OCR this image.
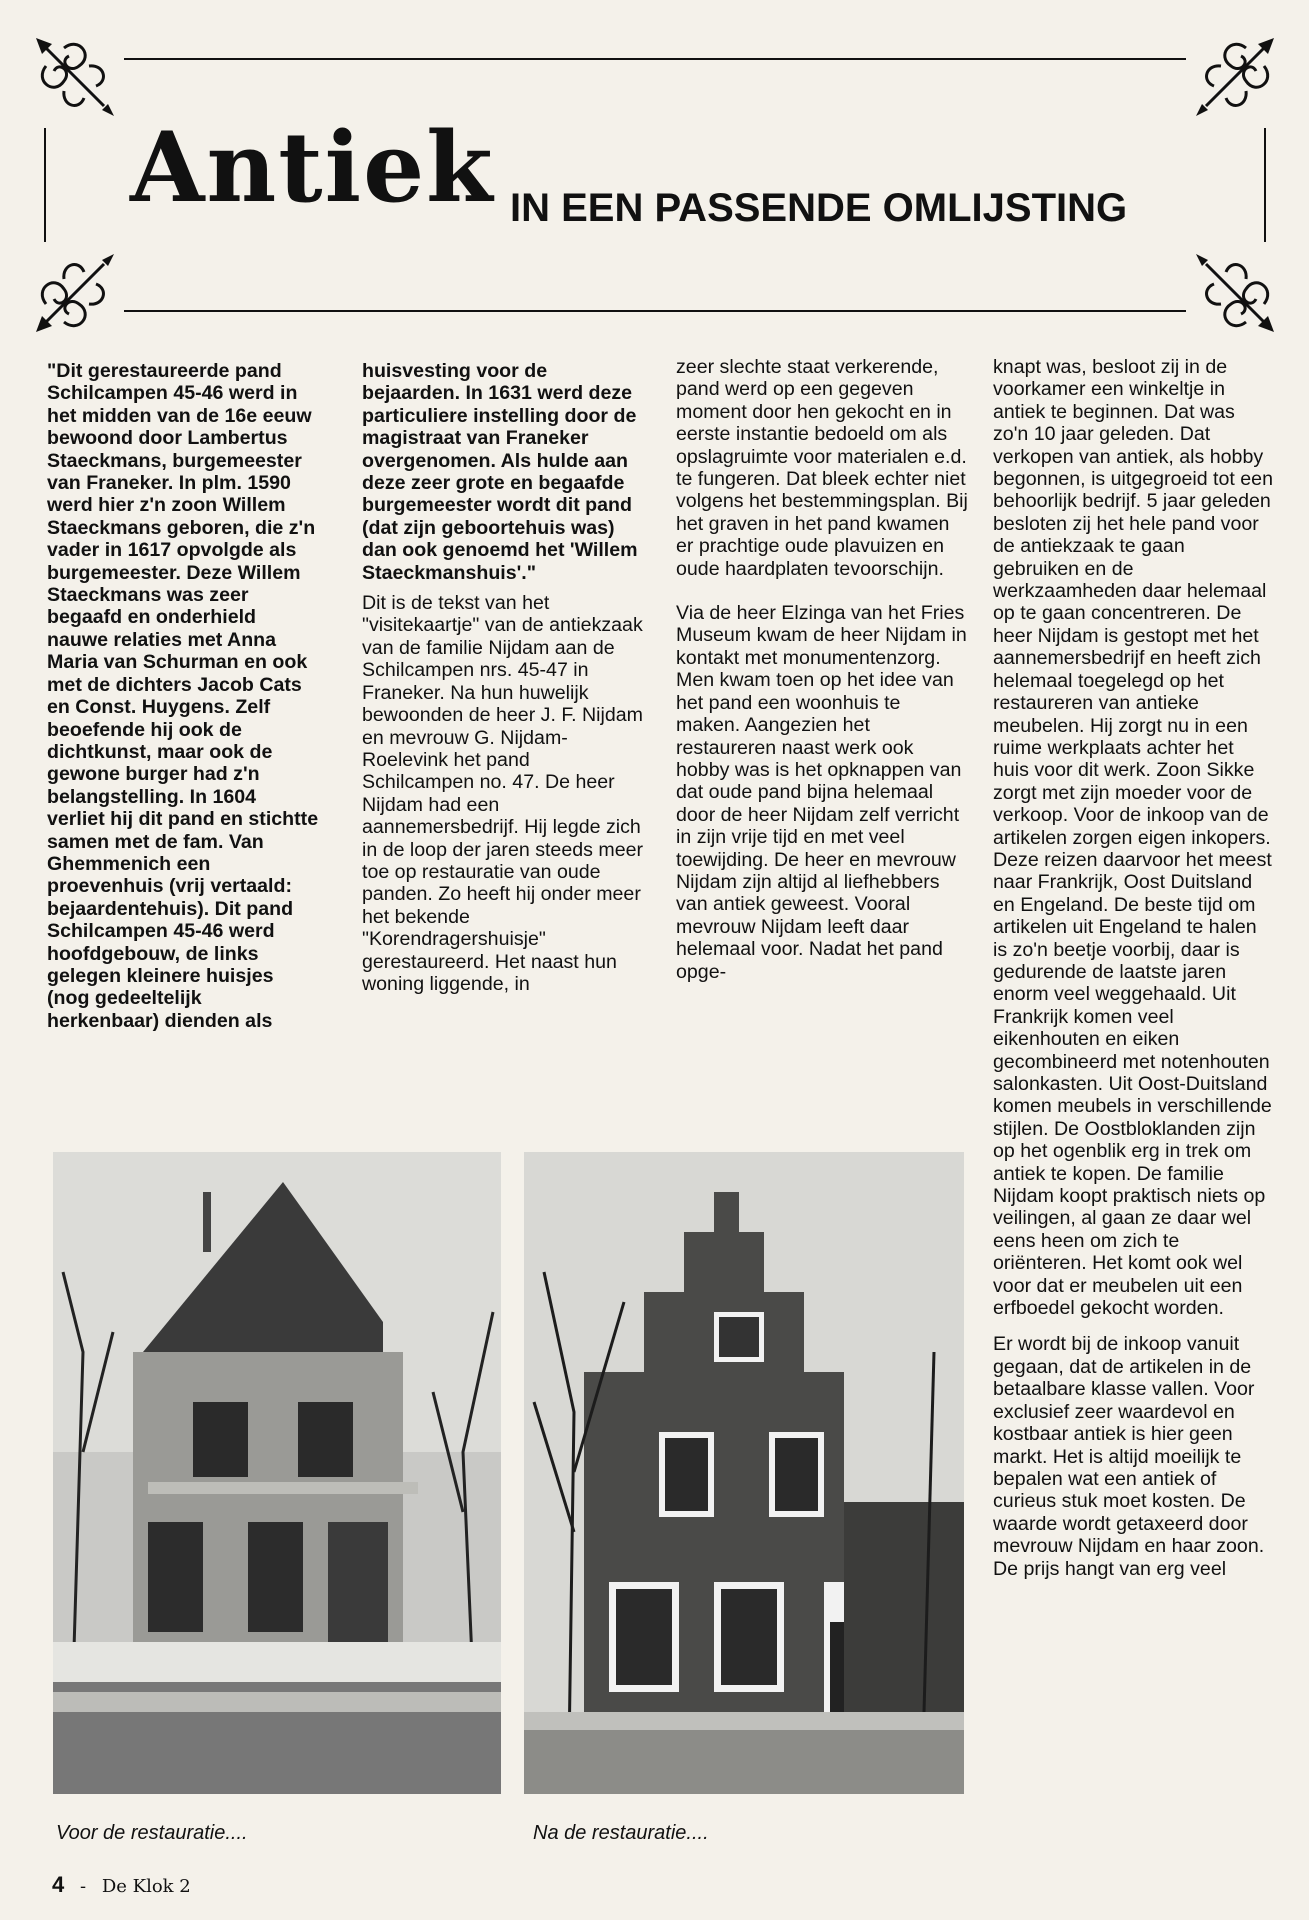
Antiek IN EEN PASSENDE OMLIJSTING

"Dit gerestaureerde pand Schilcampen 45-46 werd in het midden van de 16e eeuw bewoond door Lambertus Staeckmans, burgemeester van Franeker. In plm. 1590 werd hier z'n zoon Willem Staeckmans geboren, die z'n vader in 1617 opvolgde als burgemeester. Deze Willem Staeckmans was zeer begaafd en onderhield nauwe relaties met Anna Maria van Schurman en ook met de dichters Jacob Cats en Const. Huygens. Zelf beoefende hij ook de dichtkunst, maar ook de gewone burger had z'n belangstelling. In 1604 verliet hij dit pand en stichtte samen met de fam. Van Ghemmenich een proevenhuis (vrij vertaald: bejaardentehuis). Dit pand Schilcampen 45-46 werd hoofdgebouw, de links gelegen kleinere huisjes (nog gedeeltelijk herkenbaar) dienden als

huisvesting voor de bejaarden. In 1631 werd deze particuliere instelling door de magistraat van Franeker overgenomen. Als hulde aan deze zeer grote en begaafde burgemeester wordt dit pand (dat zijn geboortehuis was) dan ook genoemd het 'Willem Staeckmanshuis'."

Dit is de tekst van het "visitekaartje" van de antiekzaak van de familie Nijdam aan de Schilcampen nrs. 45-47 in Franeker. Na hun huwelijk bewoonden de heer J. F. Nijdam en mevrouw G. Nijdam-Roelevink het pand Schilcampen no. 47. De heer Nijdam had een aannemersbedrijf. Hij legde zich in de loop der jaren steeds meer toe op restauratie van oude panden. Zo heeft hij onder meer het bekende "Korendragershuisje" gerestaureerd. Het naast hun woning liggende, in

zeer slechte staat verkerende, pand werd op een gegeven moment door hen gekocht en in eerste instantie bedoeld om als opslagruimte voor materialen e.d. te fungeren. Dat bleek echter niet volgens het bestemmingsplan. Bij het graven in het pand kwamen er prachtige oude plavuizen en oude haardplaten tevoorschijn.

Via de heer Elzinga van het Fries Museum kwam de heer Nijdam in kontakt met monumentenzorg. Men kwam toen op het idee van het pand een woonhuis te maken. Aangezien het restaureren naast werk ook hobby was is het opknappen van dat oude pand bijna helemaal door de heer Nijdam zelf verricht in zijn vrije tijd en met veel toewijding. De heer en mevrouw Nijdam zijn altijd al liefhebbers van antiek geweest. Vooral mevrouw Nijdam leeft daar helemaal voor. Nadat het pand opge-

knapt was, besloot zij in de voorkamer een winkeltje in antiek te beginnen. Dat was zo'n 10 jaar geleden. Dat verkopen van antiek, als hobby begonnen, is uitgegroeid tot een behoorlijk bedrijf. 5 jaar geleden besloten zij het hele pand voor de antiekzaak te gaan gebruiken en de werkzaamheden daar helemaal op te gaan concentreren. De heer Nijdam is gestopt met het aannemersbedrijf en heeft zich helemaal toegelegd op het restaureren van antieke meubelen. Hij zorgt nu in een ruime werkplaats achter het huis voor dit werk. Zoon Sikke zorgt met zijn moeder voor de verkoop. Voor de inkoop van de artikelen zorgen eigen inkopers. Deze reizen daarvoor het meest naar Frankrijk, Oost Duitsland en Engeland. De beste tijd om artikelen uit Engeland te halen is zo'n beetje voorbij, daar is gedurende de laatste jaren enorm veel weggehaald. Uit Frankrijk komen veel eikenhouten en eiken gecombineerd met notenhouten salonkasten. Uit Oost-Duitsland komen meubels in verschillende stijlen. De Oostbloklanden zijn op het ogenblik erg in trek om antiek te kopen. De familie Nijdam koopt praktisch niets op veilingen, al gaan ze daar wel eens heen om zich te oriënteren. Het komt ook wel voor dat er meubelen uit een erfboedel gekocht worden.

Er wordt bij de inkoop vanuit gegaan, dat de artikelen in de betaalbare klasse vallen. Voor exclusief zeer waardevol en kostbaar antiek is hier geen markt. Het is altijd moeilijk te bepalen wat een antiek of curieus stuk moet kosten. De waarde wordt getaxeerd door mevrouw Nijdam en haar zoon. De prijs hangt van erg veel

Voor de restauratie....	Na de restauratie....
4 - De Klok 2
